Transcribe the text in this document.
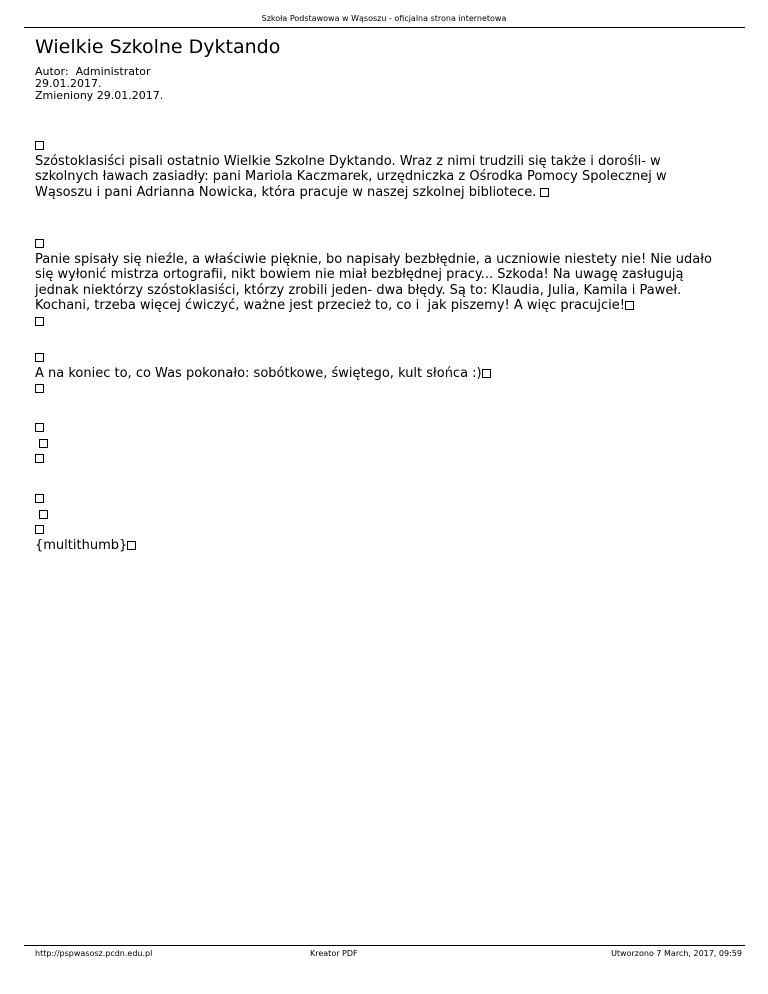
Szkoła Podstawowa w Wąsoszu - oficjalna strona internetowa
Wielkie Szkolne Dyktando
Autor:  Administrator
29.01.2017.
Zmieniony 29.01.2017.
Szóstoklasiści pisali ostatnio Wielkie Szkolne Dyktando. Wraz z nimi trudzili się także i dorośli- w
szkolnych ławach zasiadły: pani Mariola Kaczmarek, urzędniczka z Ośrodka Pomocy Spolecznej w
Wąsoszu i pani Adrianna Nowicka, która pracuje w naszej szkolnej bibliotece.
Panie spisały się nieźle, a właściwie pięknie, bo napisały bezbłędnie, a uczniowie niestety nie! Nie udało
się wyłonić mistrza ortografii, nikt bowiem nie miał bezbłędnej pracy... Szkoda! Na uwagę zasługują
jednak niektórzy szóstoklasiści, którzy zrobili jeden- dwa błędy. Są to: Klaudia, Julia, Kamila i Paweł.
Kochani, trzeba więcej ćwiczyć, ważne jest przecież to, co i  jak piszemy! A więc pracujcie!
A na koniec to, co Was pokonało: sobótkowe, świętego, kult słońca :)
{multithumb}
http://pspwasosz.pcdn.edu.pl	Kreator PDF	Utworzono 7 March, 2017, 09:59
